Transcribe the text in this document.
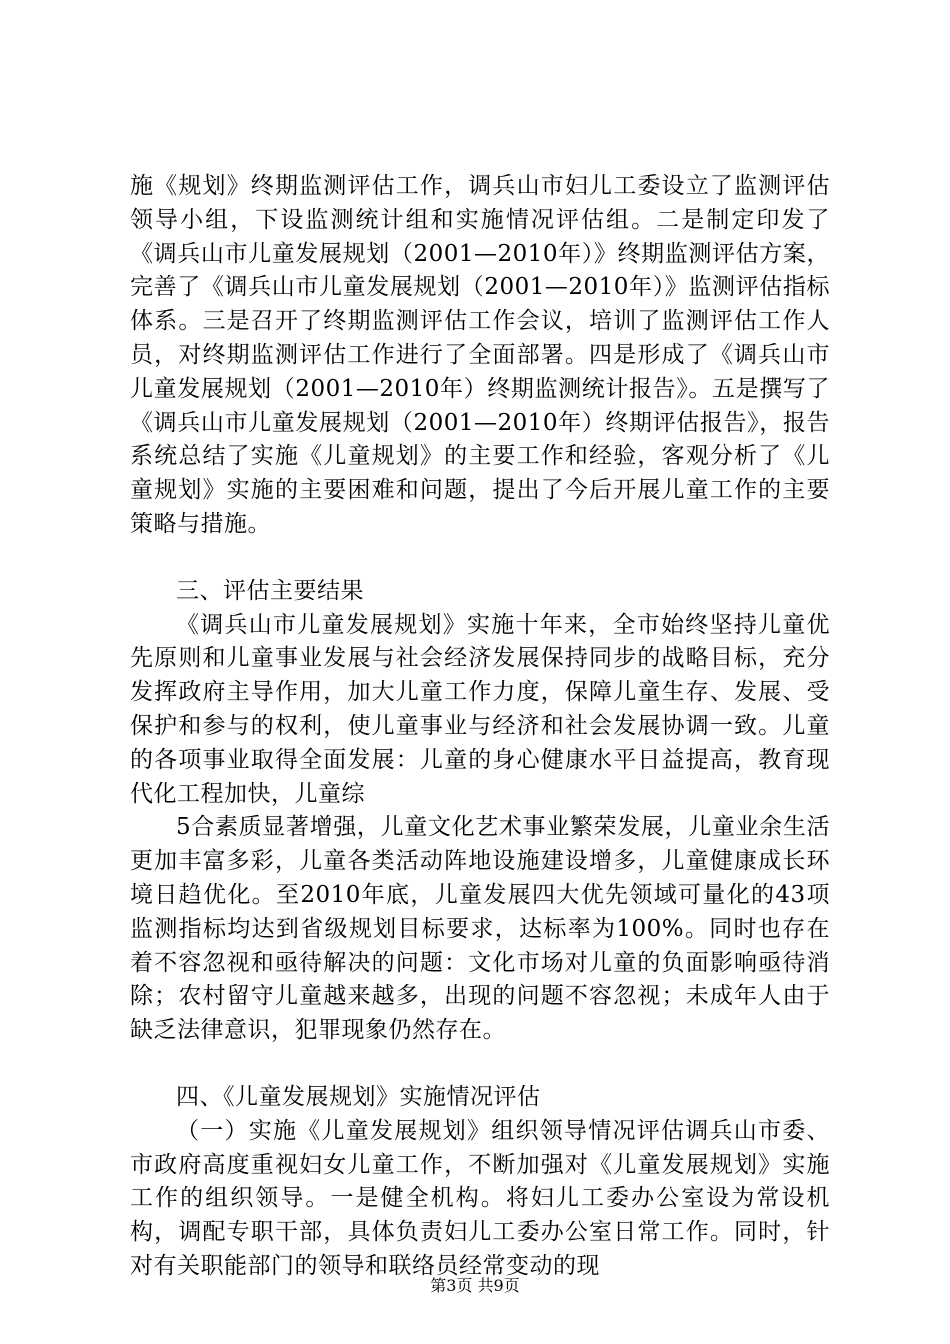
施《规划》终期监测评估工作，调兵山市妇儿工委设立了监测评估领导小组，下设监测统计组和实施情况评估组。二是制定印发了《调兵山市儿童发展规划（2001—2010年）》终期监测评估方案，完善了《调兵山市儿童发展规划（2001—2010年）》监测评估指标体系。三是召开了终期监测评估工作会议，培训了监测评估工作人员，对终期监测评估工作进行了全面部署。四是形成了《调兵山市儿童发展规划（2001—2010年）终期监测统计报告》。五是撰写了《调兵山市儿童发展规划（2001—2010年）终期评估报告》，报告系统总结了实施《儿童规划》的主要工作和经验，客观分析了《儿童规划》实施的主要困难和问题，提出了今后开展儿童工作的主要策略与措施。

三、评估主要结果

《调兵山市儿童发展规划》实施十年来，全市始终坚持儿童优先原则和儿童事业发展与社会经济发展保持同步的战略目标，充分发挥政府主导作用，加大儿童工作力度，保障儿童生存、发展、受保护和参与的权利，使儿童事业与经济和社会发展协调一致。儿童的各项事业取得全面发展：儿童的身心健康水平日益提高，教育现代化工程加快，儿童综

5合素质显著增强，儿童文化艺术事业繁荣发展，儿童业余生活更加丰富多彩，儿童各类活动阵地设施建设增多，儿童健康成长环境日趋优化。至2010年底，儿童发展四大优先领域可量化的43项监测指标均达到省级规划目标要求，达标率为100%。同时也存在着不容忽视和亟待解决的问题：文化市场对儿童的负面影响亟待消除；农村留守儿童越来越多，出现的问题不容忽视；未成年人由于缺乏法律意识，犯罪现象仍然存在。

四、《儿童发展规划》实施情况评估

（一）实施《儿童发展规划》组织领导情况评估调兵山市委、市政府高度重视妇女儿童工作，不断加强对《儿童发展规划》实施工作的组织领导。一是健全机构。将妇儿工委办公室设为常设机构，调配专职干部，具体负责妇儿工委办公室日常工作。同时，针对有关职能部门的领导和联络员经常变动的现

第3页 共9页
